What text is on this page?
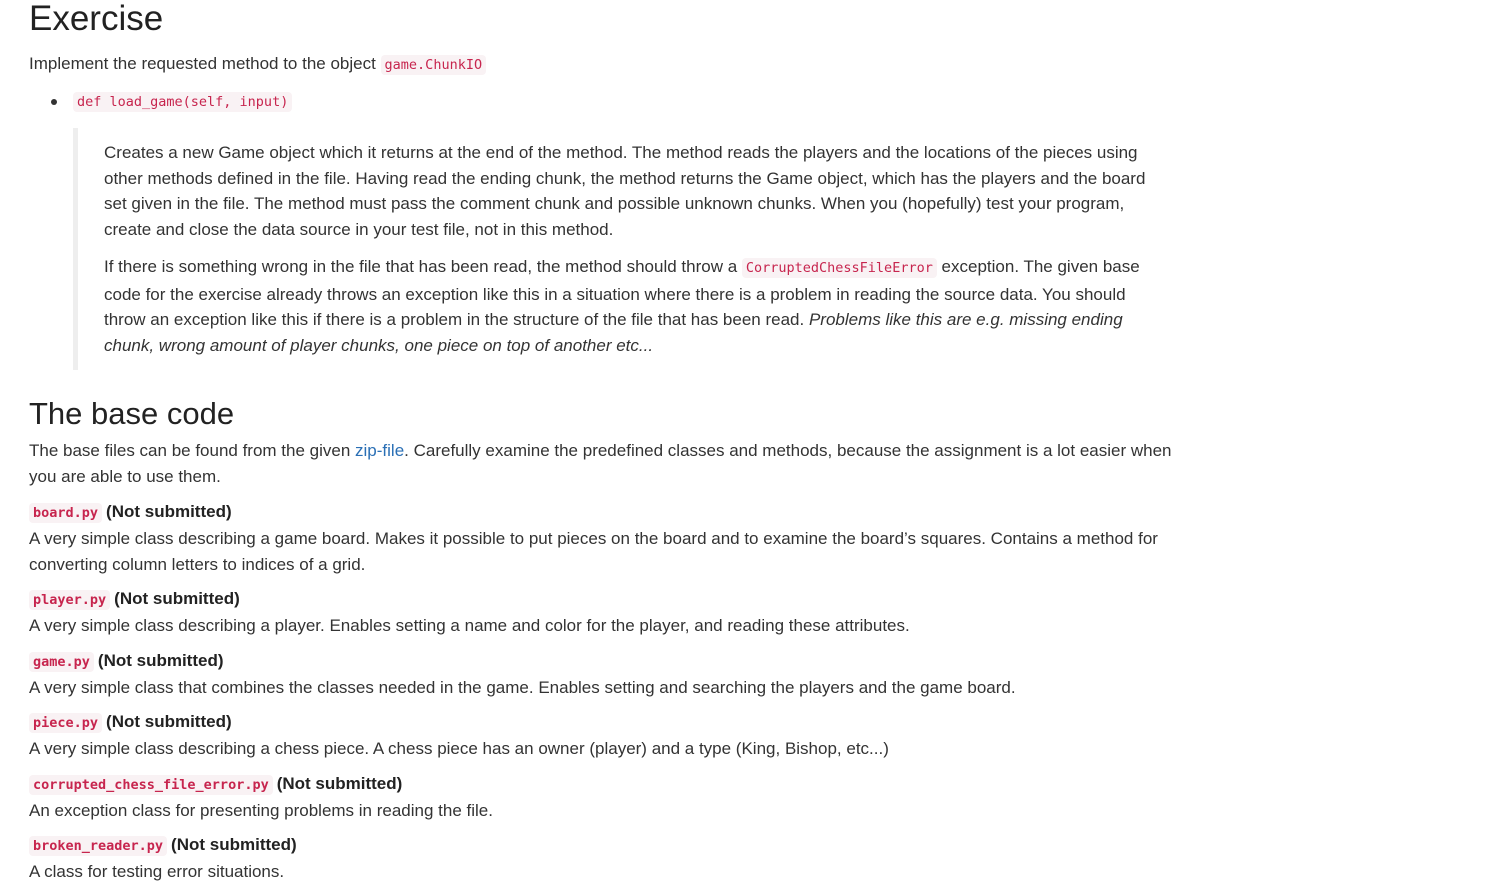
Exercise

Implement the requested method to the object game.ChunkIO

def load_game(self, input)

Creates a new Game object which it returns at the end of the method. The method reads the players and the locations of the pieces using other methods defined in the file. Having read the ending chunk, the method returns the Game object, which has the players and the board set given in the file. The method must pass the comment chunk and possible unknown chunks. When you (hopefully) test your program, create and close the data source in your test file, not in this method.

If there is something wrong in the file that has been read, the method should throw a CorruptedChessFileError exception. The given base code for the exercise already throws an exception like this in a situation where there is a problem in reading the source data. You should throw an exception like this if there is a problem in the structure of the file that has been read. Problems like this are e.g. missing ending chunk, wrong amount of player chunks, one piece on top of another etc...

The base code

The base files can be found from the given zip-file. Carefully examine the predefined classes and methods, because the assignment is a lot easier when you are able to use them.

board.py (Not submitted)

A very simple class describing a game board. Makes it possible to put pieces on the board and to examine the board’s squares. Contains a method for converting column letters to indices of a grid.

player.py (Not submitted)

A very simple class describing a player. Enables setting a name and color for the player, and reading these attributes.

game.py (Not submitted)

A very simple class that combines the classes needed in the game. Enables setting and searching the players and the game board.

piece.py (Not submitted)

A very simple class describing a chess piece. A chess piece has an owner (player) and a type (King, Bishop, etc...)

corrupted_chess_file_error.py (Not submitted)

An exception class for presenting problems in reading the file.

broken_reader.py (Not submitted)

A class for testing error situations.
